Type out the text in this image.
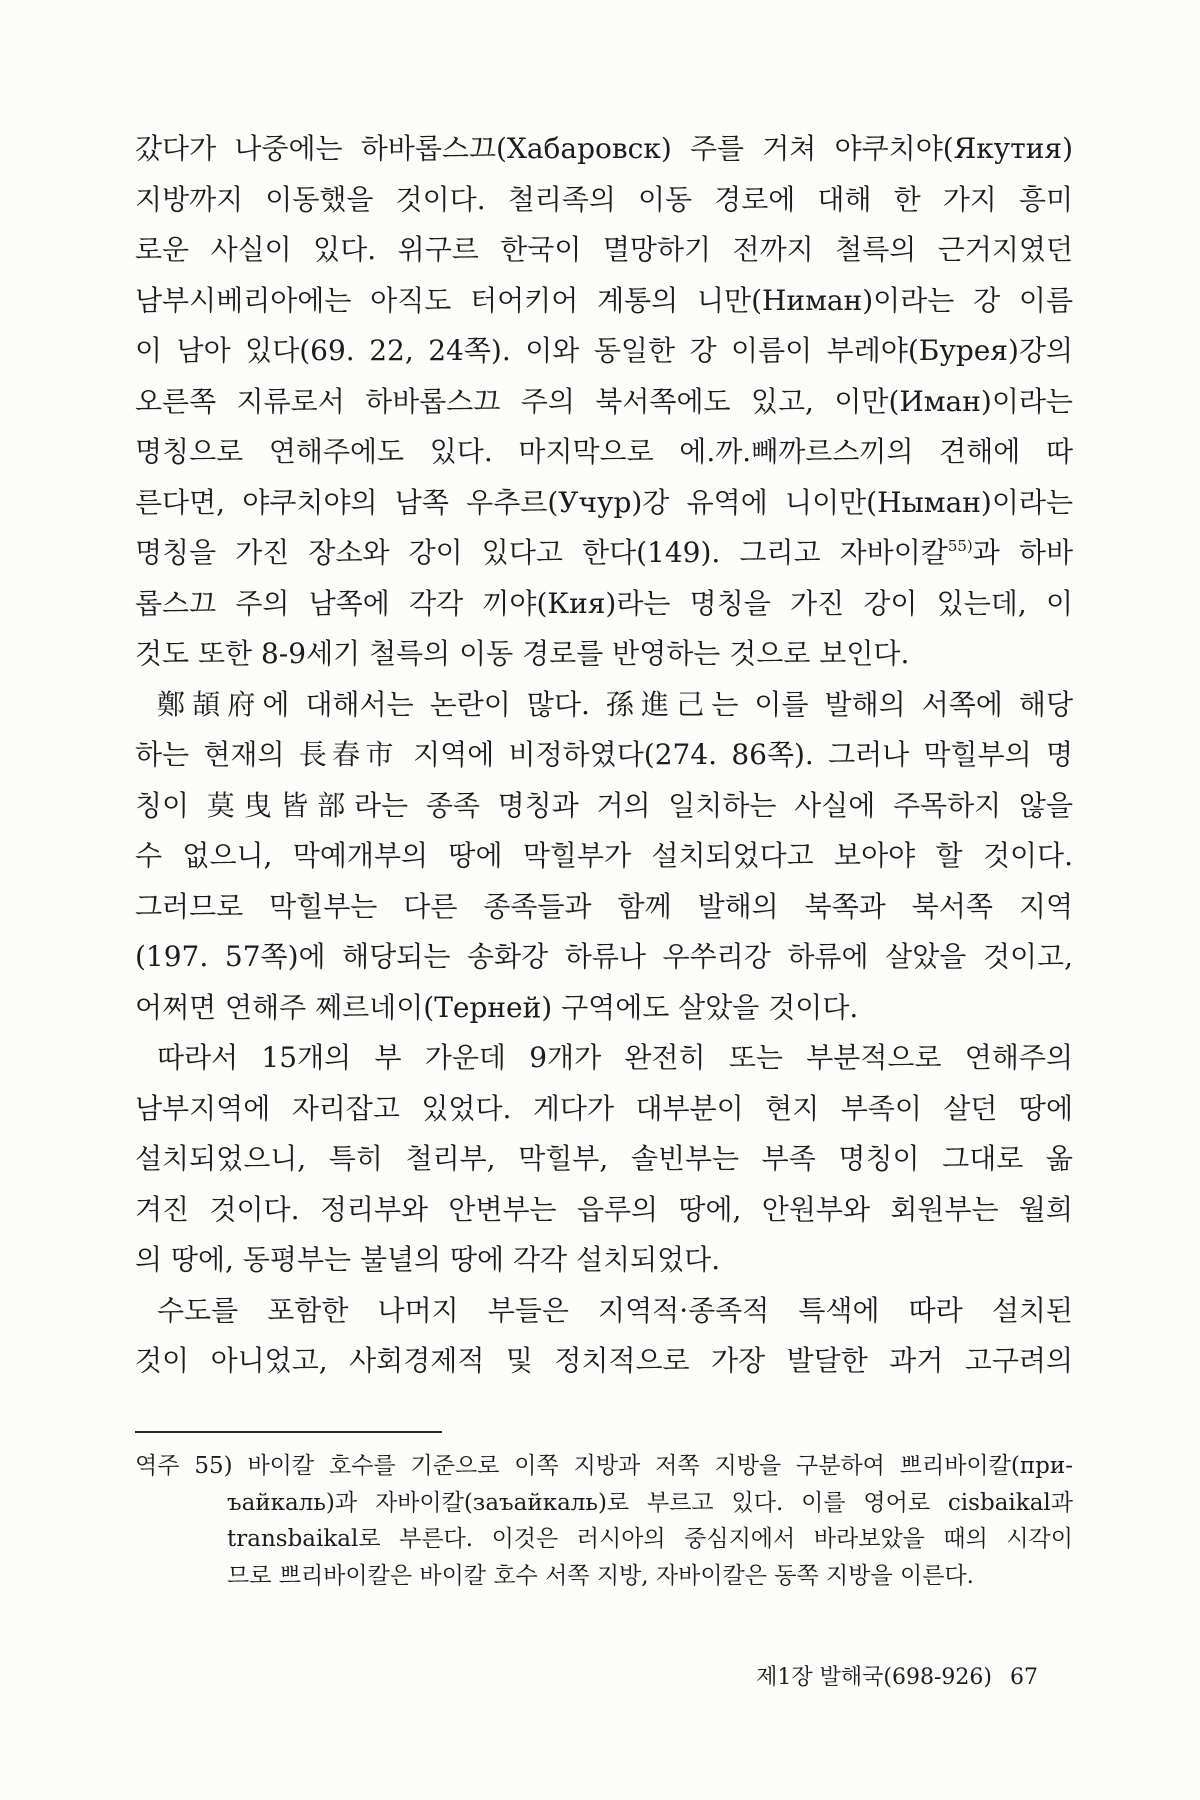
갔다가 나중에는 하바롭스끄(Хабаровск) 주를 거쳐 야쿠치야(Якутия)
지방까지 이동했을 것이다. 철리족의 이동 경로에 대해 한 가지 흥미
로운 사실이 있다. 위구르 한국이 멸망하기 전까지 철륵의 근거지였던
남부시베리아에는 아직도 터어키어 계통의 니만(Ниман)이라는 강 이름
이 남아 있다(69. 22, 24쪽). 이와 동일한 강 이름이 부레야(Бурея)강의
오른쪽 지류로서 하바롭스끄 주의 북서쪽에도 있고, 이만(Иман)이라는
명칭으로 연해주에도 있다. 마지막으로 에.까.빼까르스끼의 견해에 따
른다면, 야쿠치야의 남쪽 우추르(Учур)강 유역에 니이만(Ныман)이라는
명칭을 가진 장소와 강이 있다고 한다(149). 그리고 자바이칼$^{55)}$과 하바
롭스끄 주의 남쪽에 각각 끼야(Кия)라는 명칭을 가진 강이 있는데, 이
것도 또한 8-9세기 철륵의 이동 경로를 반영하는 것으로 보인다.
鄭頡府에 대해서는 논란이 많다. 孫進己는 이를 발해의 서쪽에 해당
하는 현재의 長春市 지역에 비정하였다(274. 86쪽). 그러나 막힐부의 명
칭이 莫曳皆部라는 종족 명칭과 거의 일치하는 사실에 주목하지 않을
수 없으니, 막예개부의 땅에 막힐부가 설치되었다고 보아야 할 것이다.
그러므로 막힐부는 다른 종족들과 함께 발해의 북쪽과 북서쪽 지역
(197. 57쪽)에 해당되는 송화강 하류나 우쑤리강 하류에 살았을 것이고,
어쩌면 연해주 쩨르네이(Терней) 구역에도 살았을 것이다.
따라서 15개의 부 가운데 9개가 완전히 또는 부분적으로 연해주의
남부지역에 자리잡고 있었다. 게다가 대부분이 현지 부족이 살던 땅에
설치되었으니, 특히 철리부, 막힐부, 솔빈부는 부족 명칭이 그대로 옮
겨진 것이다. 정리부와 안변부는 읍루의 땅에, 안원부와 회원부는 월희
의 땅에, 동평부는 불녈의 땅에 각각 설치되었다.
수도를 포함한 나머지 부들은 지역적·종족적 특색에 따라 설치된
것이 아니었고, 사회경제적 및 정치적으로 가장 발달한 과거 고구려의
역주 55) 바이칼 호수를 기준으로 이쪽 지방과 저쪽 지방을 구분하여 쁘리바이칼(при-
ъайкаль)과 자바이칼(заъайкаль)로 부르고 있다. 이를 영어로 cisbaikal과
transbaikal로 부른다. 이것은 러시아의 중심지에서 바라보았을 때의 시각이
므로 쁘리바이칼은 바이칼 호수 서쪽 지방, 자바이칼은 동쪽 지방을 이른다.
제1장 발해국(698-926) 67
